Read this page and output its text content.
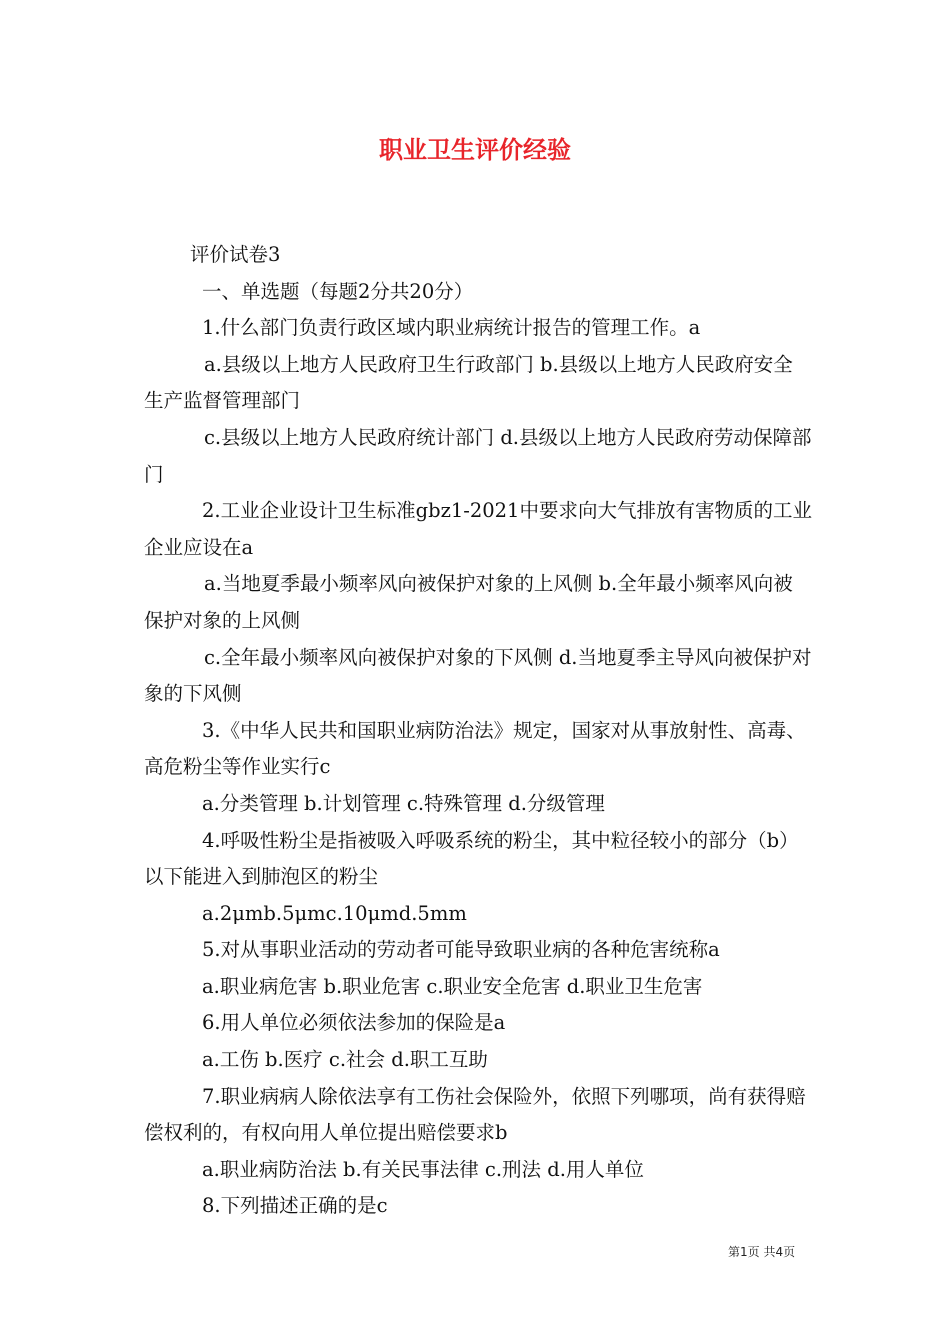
职业卫生评价经验

评价试卷3

一、单选题（每题2分共20分）

1.什么部门负责行政区域内职业病统计报告的管理工作。a

a.县级以上地方人民政府卫生行政部门 b.县级以上地方人民政府安全生产监督管理部门

c.县级以上地方人民政府统计部门 d.县级以上地方人民政府劳动保障部门

2.工业企业设计卫生标准gbz1-2021中要求向大气排放有害物质的工业企业应设在a

a.当地夏季最小频率风向被保护对象的上风侧 b.全年最小频率风向被保护对象的上风侧

c.全年最小频率风向被保护对象的下风侧 d.当地夏季主导风向被保护对象的下风侧

3.《中华人民共和国职业病防治法》规定，国家对从事放射性、高毒、高危粉尘等作业实行c

a.分类管理 b.计划管理 c.特殊管理 d.分级管理

4.呼吸性粉尘是指被吸入呼吸系统的粉尘，其中粒径较小的部分（b）以下能进入到肺泡区的粉尘

a.2μmb.5μmc.10μmd.5mm

5.对从事职业活动的劳动者可能导致职业病的各种危害统称a

a.职业病危害 b.职业危害 c.职业安全危害 d.职业卫生危害

6.用人单位必须依法参加的保险是a

a.工伤 b.医疗 c.社会 d.职工互助

7.职业病病人除依法享有工伤社会保险外，依照下列哪项，尚有获得赔偿权利的，有权向用人单位提出赔偿要求b

a.职业病防治法 b.有关民事法律 c.刑法 d.用人单位

8.下列描述正确的是c

第1页 共4页
